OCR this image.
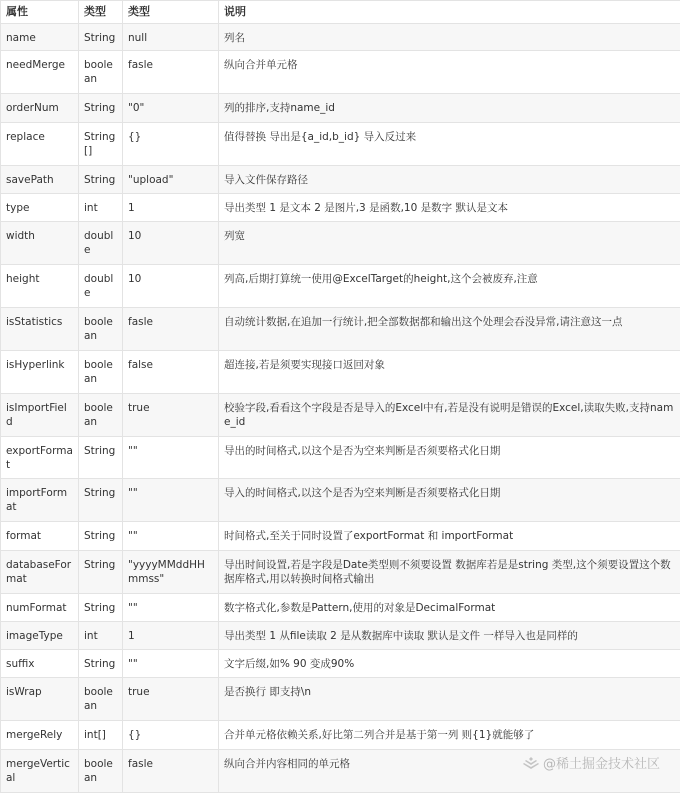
属性	类型	类型	说明
name	String	null	列名
needMerge	boolean	fasle	纵向合并单元格
orderNum	String	"0"	列的排序,支持name_id
replace	String[]	{}	值得替换 导出是{a_id,b_id} 导入反过来
savePath	String	"upload"	导入文件保存路径
type	int	1	导出类型 1 是文本 2 是图片,3 是函数,10 是数字 默认是文本
width	double	10	列宽
height	double	10	列高,后期打算统一使用@ExcelTarget的height,这个会被废弃,注意
isStatistics	boolean	fasle	自动统计数据,在追加一行统计,把全部数据都和输出这个处理会吞没异常,请注意这一点
isHyperlink	boolean	false	超连接,若是须要实现接口返回对象
isImportField	boolean	true	校验字段,看看这个字段是否是导入的Excel中有,若是没有说明是错误的Excel,读取失败,支持name_id
exportFormat	String	""	导出的时间格式,以这个是否为空来判断是否须要格式化日期
importFormat	String	""	导入的时间格式,以这个是否为空来判断是否须要格式化日期
format	String	""	时间格式,至关于同时设置了exportFormat 和 importFormat
databaseFormat	String	"yyyyMMddHHmmss"	导出时间设置,若是字段是Date类型则不须要设置 数据库若是是string 类型,这个须要设置这个数据库格式,用以转换时间格式输出
numFormat	String	""	数字格式化,参数是Pattern,使用的对象是DecimalFormat
imageType	int	1	导出类型 1 从file读取 2 是从数据库中读取 默认是文件 一样导入也是同样的
suffix	String	""	文字后缀,如% 90 变成90%
isWrap	boolean	true	是否换行 即支持\n
mergeRely	int[]	{}	合并单元格依赖关系,好比第二列合并是基于第一列 则{1}就能够了
mergeVertical	boolean	fasle	纵向合并内容相同的单元格	@稀土掘金技术社区
